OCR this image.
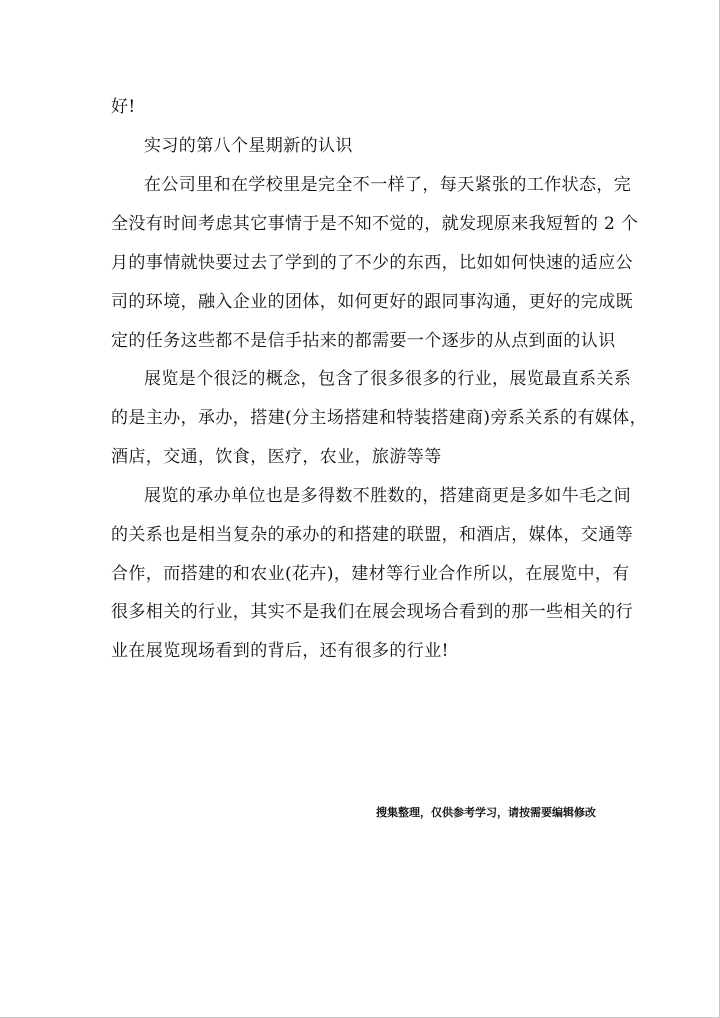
好!
实习的第八个星期新的认识
在公司里和在学校里是完全不一样了，每天紧张的工作状态，完
全没有时间考虑其它事情于是不知不觉的，就发现原来我短暂的 2 个
月的事情就快要过去了学到的了不少的东西，比如如何快速的适应公
司的环境，融入企业的团体，如何更好的跟同事沟通，更好的完成既
定的任务这些都不是信手拈来的都需要一个逐步的从点到面的认识
展览是个很泛的概念，包含了很多很多的行业，展览最直系关系
的是主办，承办，搭建(分主场搭建和特装搭建商)旁系关系的有媒体，
酒店，交通，饮食，医疗，农业，旅游等等
展览的承办单位也是多得数不胜数的，搭建商更是多如牛毛之间
的关系也是相当复杂的承办的和搭建的联盟，和酒店，媒体，交通等
合作，而搭建的和农业(花卉)，建材等行业合作所以，在展览中，有
很多相关的行业，其实不是我们在展会现场合看到的那一些相关的行
业在展览现场看到的背后，还有很多的行业!
搜集整理，仅供参考学习，请按需要编辑修改
